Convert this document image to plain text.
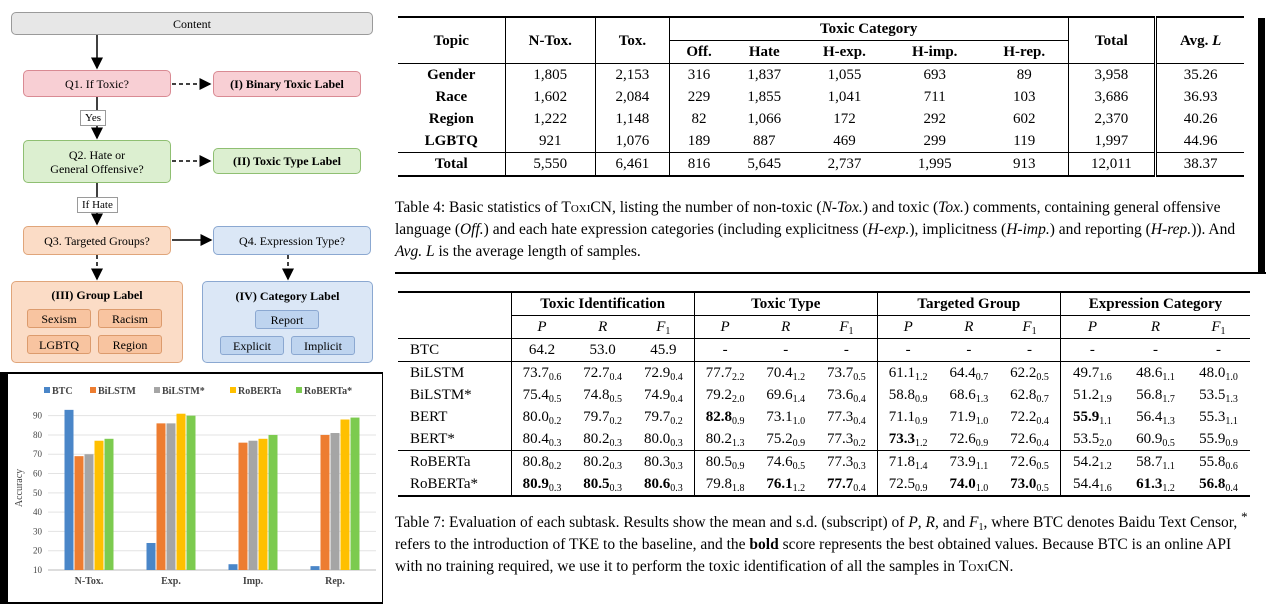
Content
Q1. If Toxic?	(I) Binary Toxic Label
Yes
Q2. Hate or
General Offensive?
(II) Toxic Type Label
If Hate
Q3. Targeted Groups?	Q4. Expression Type?
(III) Group Label
Sexism	Racism
LGBTQ	Region
(IV) Category Label
Report
Explicit	Implicit
BTC	BiLSTM	BiLSTM*	RoBERTa RoBERTa*
10
20
30
40
50
60
70
80
90
Accuracy
N-Tox.	Exp.	Imp.	Rep.
Topic	N-Tox.	Tox.	Toxic Category					Total	Avg. L
			Off.	Hate	H-exp.	H-imp.	H-rep.		
Gender	1,805	2,153	316	1,837	1,055	693	89	3,958	35.26
Race	1,602	2,084	229	1,855	1,041	711	103	3,686	36.93
Region	1,222	1,148	82	1,066	172	292	602	2,370	40.26
LGBTQ	921	1,076	189	887	469	299	119	1,997	44.96
Total	5,550	6,461	816	5,645	2,737	1,995	913	12,011	38.37
Table 4: Basic statistics of ToxiCN, listing the number of non-toxic (N-Tox.) and toxic (Tox.) comments, containing general offensive language (Off.) and each hate expression categories (including explicitness (H-exp.), implicitness (H-imp.) and reporting (H-rep.)). And Avg. L is the average length of samples.
	Toxic Identification			Toxic Type			Targeted Group			Expression Category		
	P	R	$F_1$	P	R	$F_1$	P	R	$F_1$	P	R	$F_1$
BTC	64.2	53.0	45.9	-	-	-	-	-	-	-	-	-
BiLSTM	$73.7_{0.6}$	$72.7_{0.4}$	$72.9_{0.4}$	$77.7_{2.2}$	$70.4_{1.2}$	$73.7_{0.5}$	$61.1_{1.2}$	$64.4_{0.7}$	$62.2_{0.5}$	$49.7_{1.6}$	$48.6_{1.1}$	$48.0_{1.0}$
BiLSTM*	$75.4_{0.5}$	$74.8_{0.5}$	$74.9_{0.4}$	$79.2_{2.0}$	$69.6_{1.4}$	$73.6_{0.4}$	$58.8_{0.9}$	$68.6_{1.3}$	$62.8_{0.7}$	$51.2_{1.9}$	$56.8_{1.7}$	$53.5_{1.3}$
BERT	$80.0_{0.2}$	$79.7_{0.2}$	$79.7_{0.2}$	$82.8_{0.9}$	$73.1_{1.0}$	$77.3_{0.4}$	$71.1_{0.9}$	$71.9_{1.0}$	$72.2_{0.4}$	$55.9_{1.1}$	$56.4_{1.3}$	$55.3_{1.1}$
BERT*	$80.4_{0.3}$	$80.2_{0.3}$	$80.0_{0.3}$	$80.2_{1.3}$	$75.2_{0.9}$	$77.3_{0.2}$	$73.3_{1.2}$	$72.6_{0.9}$	$72.6_{0.4}$	$53.5_{2.0}$	$60.9_{0.5}$	$55.9_{0.9}$
RoBERTa	$80.8_{0.2}$	$80.2_{0.3}$	$80.3_{0.3}$	$80.5_{0.9}$	$74.6_{0.5}$	$77.3_{0.3}$	$71.8_{1.4}$	$73.9_{1.1}$	$72.6_{0.5}$	$54.2_{1.2}$	$58.7_{1.1}$	$55.8_{0.6}$
RoBERTa*	$80.9_{0.3}$	$80.5_{0.3}$	$80.6_{0.3}$	$79.8_{1.8}$	$76.1_{1.2}$	$77.7_{0.4}$	$72.5_{0.9}$	$74.0_{1.0}$	$73.0_{0.5}$	$54.4_{1.6}$	$61.3_{1.2}$	$56.8_{0.4}$
Table 7: Evaluation of each subtask. Results show the mean and s.d. (subscript) of P, R, and $F_1$, where BTC denotes Baidu Text Censor, * refers to the introduction of TKE to the baseline, and the bold score represents the best obtained values. Because BTC is an online API with no training required, we use it to perform the toxic identification of all the samples in ToxiCN.
